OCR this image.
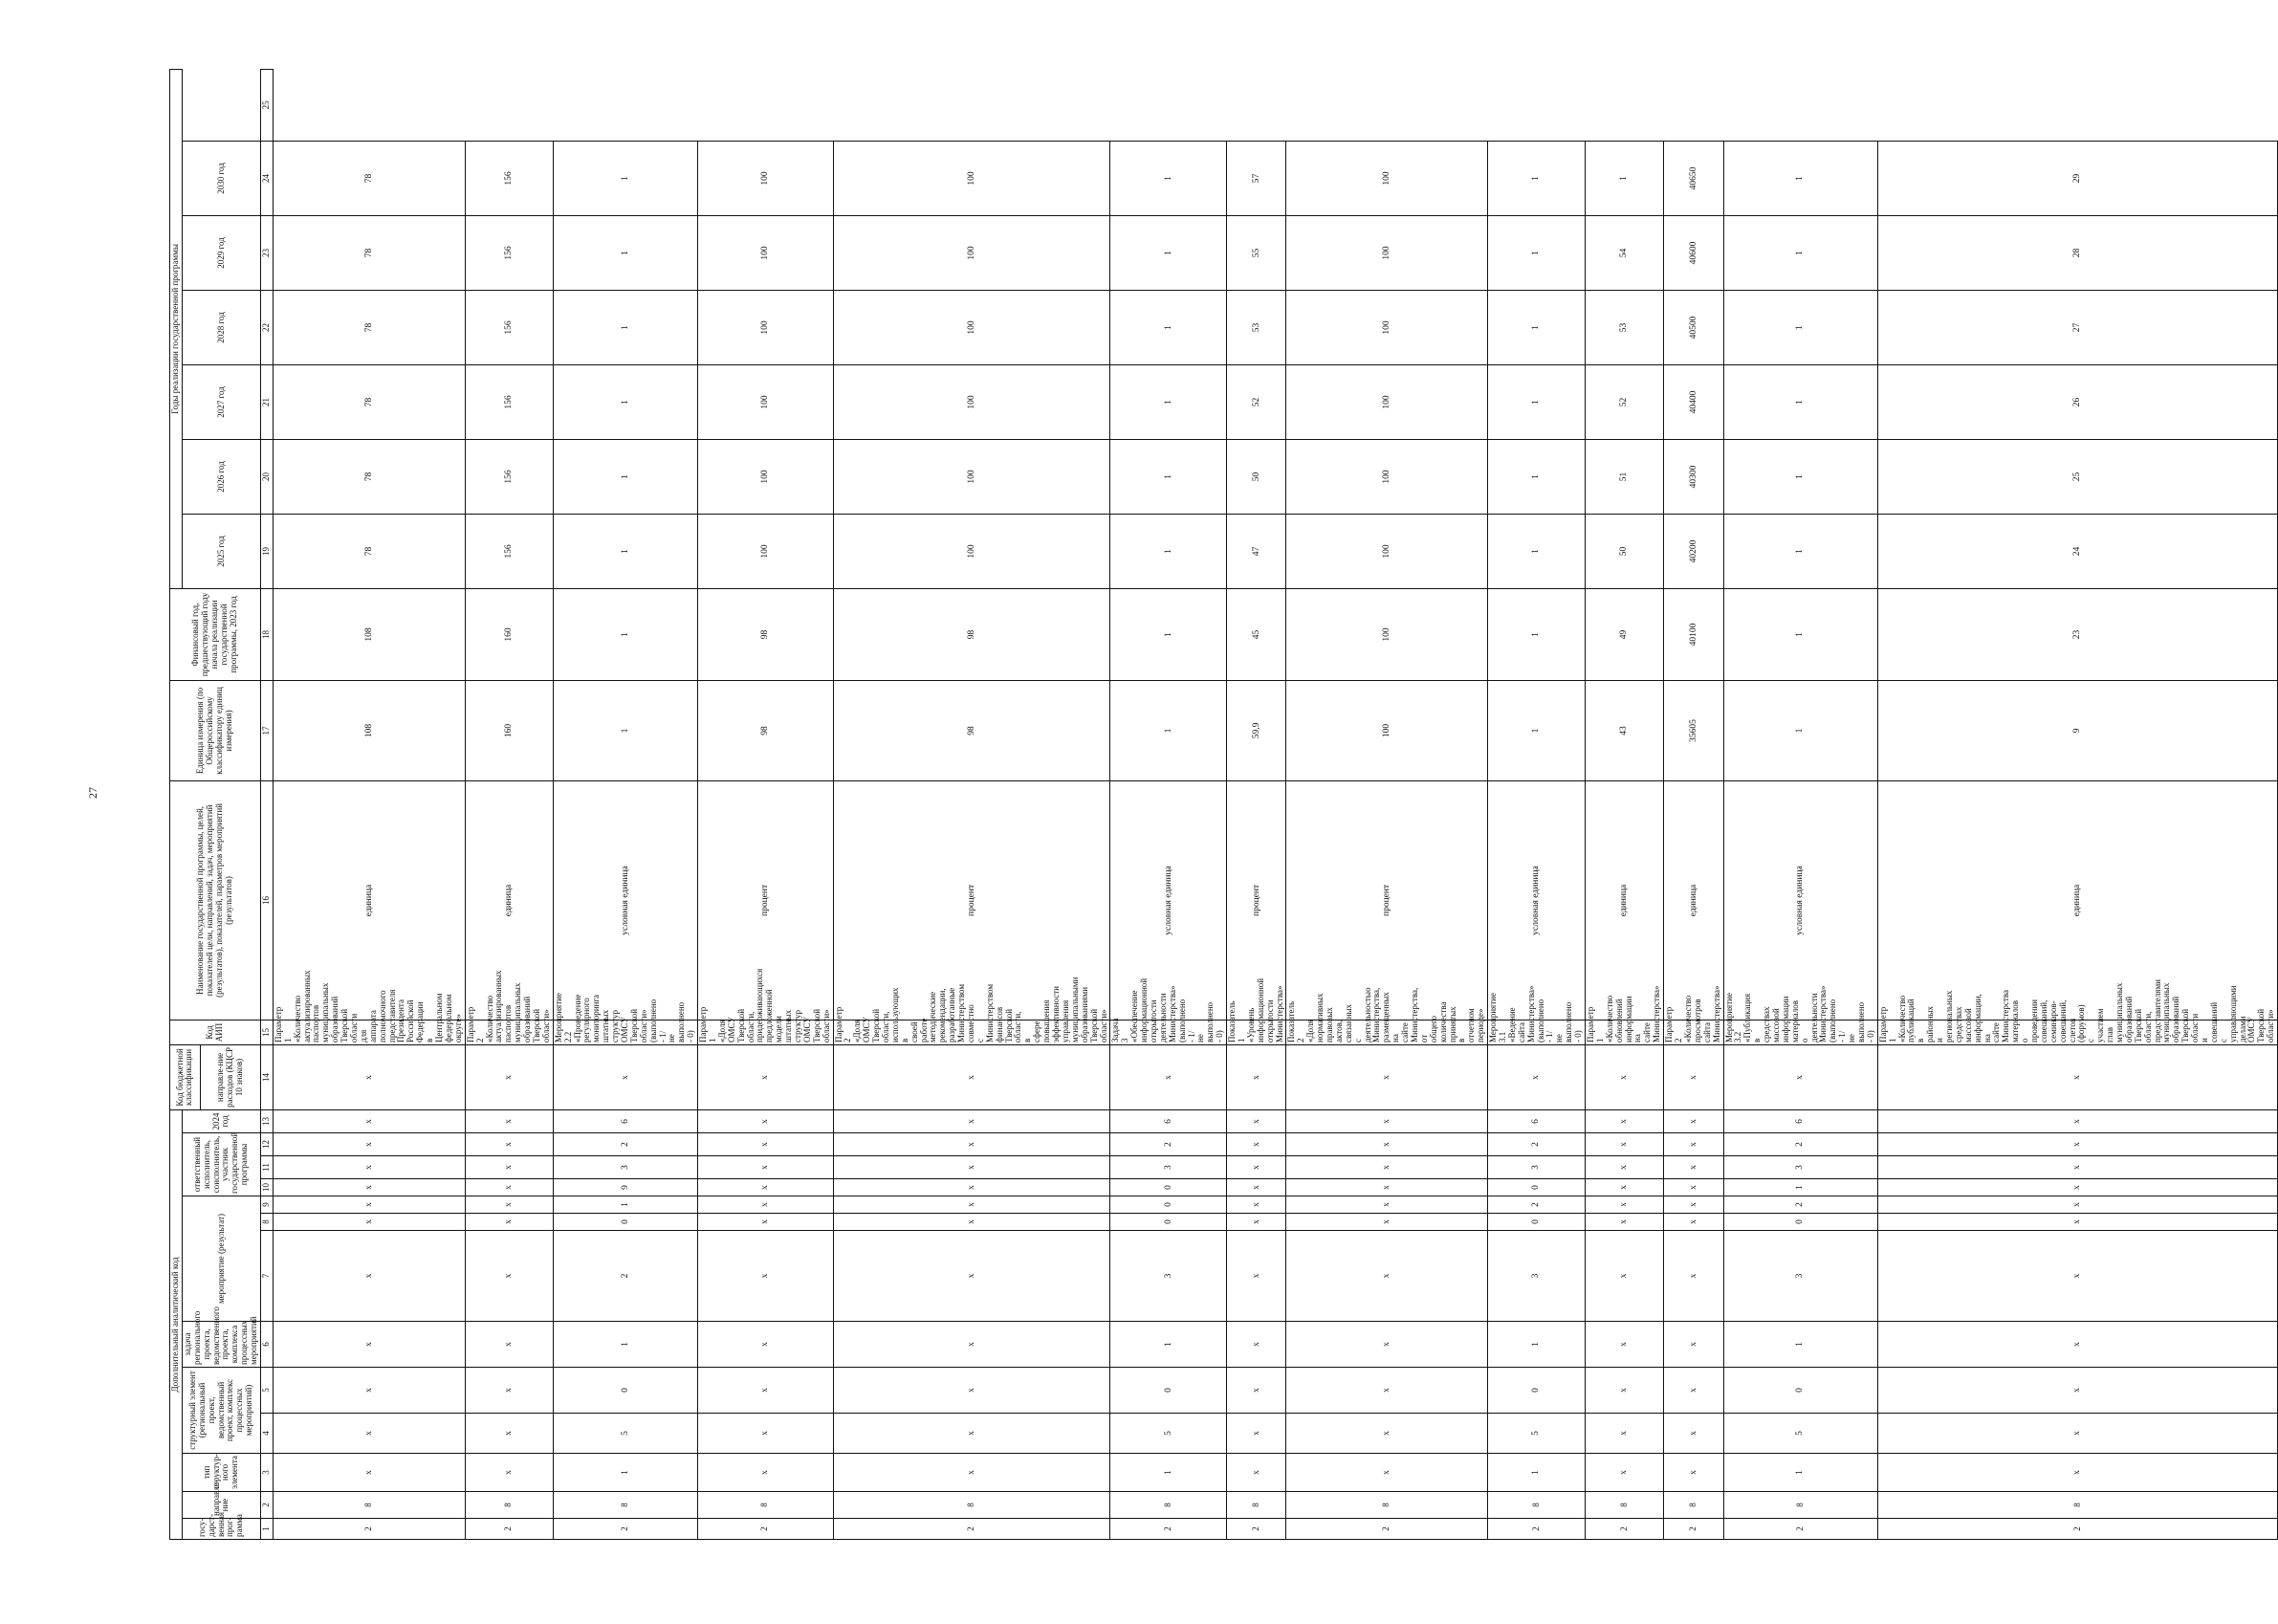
27
Дополнительный аналитический код													Код бюджетной классификации	Код АИП	Наименование государственной программы, целей, показателей цели, направлений, задач, мероприятий (результатов), показателей, параметров мероприятий (результатов)	Единица измерения (по Общероссийскому классификатору единиц измерения)	Финансовый год, предшествующий году начала реализации государственной программы, 2023 год	Годы реализации государственной программы						
госу-дарст-венная прог-рамма	направле-ние	тип структур-ного элемента	структурный элемент (региональный проект, ведомственный проект, комплекс процессных мероприятий)		задача регионального проекта, ведомственного проекта, комплекса процессных мероприятий	мероприятие (результат)			ответственный исполнитель, соисполнитель, участник государственной программы			2024 год						2025 год	2026 год	2027 год	2028 год	2029 год	2030 год	
													направле-ние расходов (КЦСР 10 знаков)											
1	2	3	4	5	6	7	8	9	10	11	12	13	14	15	16	17	18	19	20	21	22	23	24	25
2	8	х	х	х	х	х	х	х	х	х	х	х	х	Параметр 1 «Количество актуализированных паспортов муниципальных образований Тверской области для аппарата полномочного представителя Президента Российской Федерации в Центральном федеральном округе»	единица	108	108	78	78	78	78	78	78	
2	8	х	х	х	х	х	х	х	х	х	х	х	х	Параметр 2 «Количество актуализированных паспортов муниципальных образований Тверской области»	единица	160	160	156	156	156	156	156	156	
2	8	1	5	0	1	2	0	1	9	3	2	6	х	Мероприятие 2.2 «Проведение регулярного мониторинга штатных структур ОМСУ Тверской области» (выполнено - 1/не выполнено - 0)	условная единица	1	1	1	1	1	1	1	1	
2	8	х	х	х	х	х	х	х	х	х	х	х	х	Параметр 1 «Доля ОМСУ Тверской области, придерживающихся предложенной модели штатных структур ОМСУ Тверской области»	процент	98	98	100	100	100	100	100	100	
2	8	х	х	х	х	х	х	х	х	х	х	х	х	Параметр 2 «Доля ОМСУ Тверской области, использующих в своей работе методические рекомендации, разработанные Министерством совместно с Министерством финансов Тверской области, в сфере повышения эффективности управления муниципальными образованиями Тверской области»	процент	98	98	100	100	100	100	100	100	
2	8	1	5	0	1	3	0	0	0	3	2	6	х	Задача 3 «Обеспечение информационной открытости деятельности Министерства» (выполнено - 1/не выполнено - 0)	условная единица	1	1	1	1	1	1	1	1	
2	8	х	х	х	х	х	х	х	х	х	х	х	х	Показатель 1 «Уровень информационной открытости Министерства»	процент	59,9	45	47	50	52	53	55	57	
2	8	х	х	х	х	х	х	х	х	х	х	х	х	Показатель 2 «Доля нормативных правовых актов, связанных с деятельностью Министерства, размещенных на сайте Министерства, от общего количества принятых в отчетном периоде»	процент	100	100	100	100	100	100	100	100	
2	8	1	5	0	1	3	0	2	0	3	2	6	х	Мероприятие 3.1 «Ведение сайта Министерства» (выполнено - 1/не выполнено - 0)	условная единица	1	1	1	1	1	1	1	1	
2	8	х	х	х	х	х	х	х	х	х	х	х	х	Параметр 1 «Количество обновлений информации на сайте Министерства»	единица	43	49	50	51	52	53	54	1	
2	8	х	х	х	х	х	х	х	х	х	х	х	х	Параметр 2 «Количество просмотров сайта Министерства»	единица	35605	40100	40200	40300	40400	40500	40600	40650	
2	8	1	5	0	1	3	0	2	1	3	2	6	х	Мероприятие 3.2 «Публикация в средствах массовой информации материалов о деятельности Министерства» (выполнено - 1/не выполнено - 0)	условная единица	1	1	1	1	1	1	1	1	
2	8	х	х	х	х	х	х	х	х	х	х	х	х	Параметр 1 «Количество публикаций в районных и региональных средствах массовой информации, на сайте Министерства материалов о проведении совещаний, семинаров-совещаний, слетов (форумов) с участием глав муниципальных образований Тверской области, представителями муниципальных образований Тверской области и совещаний с управляющими делами ОМСУ Тверской области»	единица	9	23	24	25	26	27	28	29	
